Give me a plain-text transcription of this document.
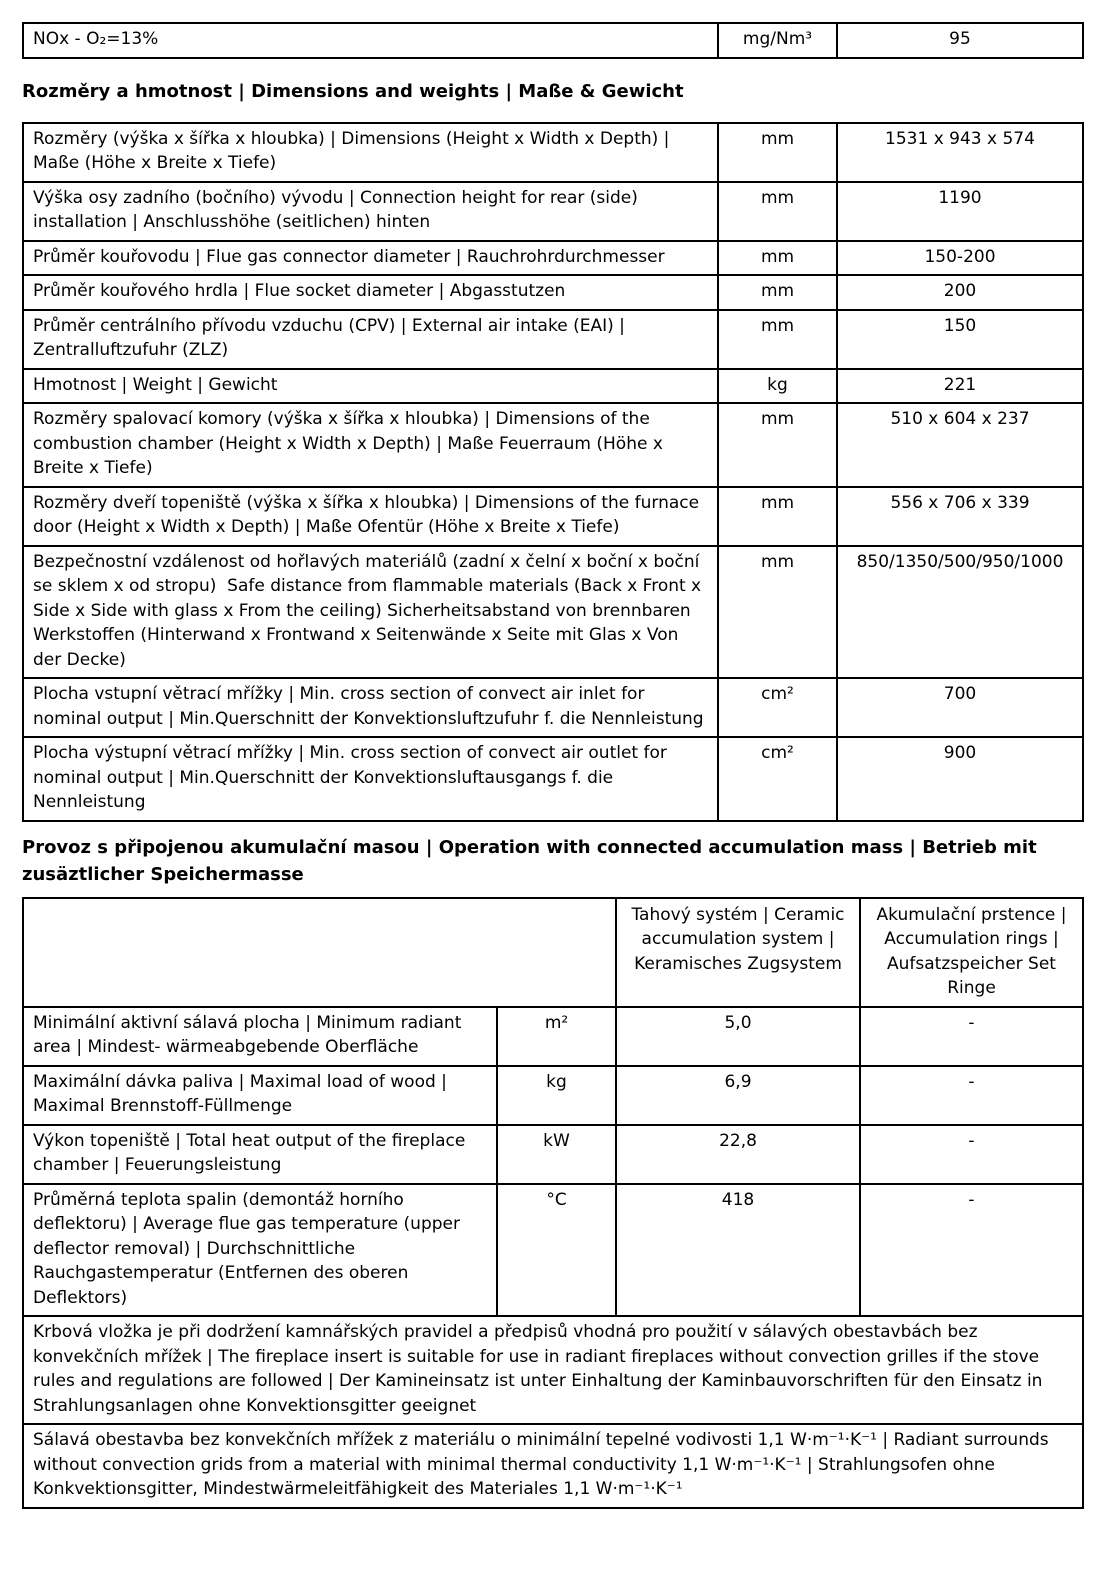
NOx - O₂=13%	mg/Nm³	95
Rozměry a hmotnost | Dimensions and weights | Maße & Gewicht
Rozměry (výška x šířka x hloubka) | Dimensions (Height x Width x Depth) | Maße (Höhe x Breite x Tiefe)	mm	1531 x 943 x 574
Výška osy zadního (bočního) vývodu | Connection height for rear (side) installation | Anschlusshöhe (seitlichen) hinten	mm	1190
Průměr kouřovodu | Flue gas connector diameter | Rauchrohrdurchmesser	mm	150-200
Průměr kouřového hrdla | Flue socket diameter | Abgasstutzen	mm	200
Průměr centrálního přívodu vzduchu (CPV) | External air intake (EAI) | Zentralluftzufuhr (ZLZ)	mm	150
Hmotnost | Weight | Gewicht	kg	221
Rozměry spalovací komory (výška x šířka x hloubka) | Dimensions of the combustion chamber (Height x Width x Depth) | Maße Feuerraum (Höhe x Breite x Tiefe)	mm	510 x 604 x 237
Rozměry dveří topeniště (výška x šířka x hloubka) | Dimensions of the furnace door (Height x Width x Depth) | Maße Ofentür (Höhe x Breite x Tiefe)	mm	556 x 706 x 339
Bezpečnostní vzdálenost od hořlavých materiálů (zadní x čelní x boční x boční se sklem x od stropu)  Safe distance from flammable materials (Back x Front x Side x Side with glass x From the ceiling) Sicherheitsabstand von brennbaren Werkstoffen (Hinterwand x Frontwand x Seitenwände x Seite mit Glas x Von der Decke)	mm	850/1350/500/950/1000
Plocha vstupní větrací mřížky | Min. cross section of convect air inlet for nominal output | Min.Querschnitt der Konvektionsluftzufuhr f. die Nennleistung	cm²	700
Plocha výstupní větrací mřížky | Min. cross section of convect air outlet for nominal output | Min.Querschnitt der Konvektionsluftausgangs f. die Nennleistung	cm²	900
Provoz s připojenou akumulační masou | Operation with connected accumulation mass | Betrieb mit zusäztlicher Speichermasse
		Tahový systém | Ceramic accumulation system | Keramisches Zugsystem	Akumulační prstence | Accumulation rings | Aufsatzspeicher Set Ringe
Minimální aktivní sálavá plocha | Minimum radiant area | Mindest- wärmeabgebende Oberfläche	m²	5,0	-
Maximální dávka paliva | Maximal load of wood | Maximal Brennstoff-Füllmenge	kg	6,9	-
Výkon topeniště | Total heat output of the fireplace chamber | Feuerungsleistung	kW	22,8	-
Průměrná teplota spalin (demontáž horního deflektoru) | Average flue gas temperature (upper deflector removal) | Durchschnittliche Rauchgastemperatur (Entfernen des oberen Deflektors)	°C	418	-
Krbová vložka je při dodržení kamnářských pravidel a předpisů vhodná pro použití v sálavých obestavbách bez konvekčních mřížek | The fireplace insert is suitable for use in radiant fireplaces without convection grilles if the stove rules and regulations are followed | Der Kamineinsatz ist unter Einhaltung der Kaminbauvorschriften für den Einsatz in Strahlungsanlagen ohne Konvektionsgitter geeignet			
Sálavá obestavba bez konvekčních mřížek z materiálu o minimální tepelné vodivosti 1,1 W·m⁻¹·K⁻¹ | Radiant surrounds without convection grids from a material with minimal thermal conductivity 1,1 W·m⁻¹·K⁻¹ | Strahlungsofen ohne Konkvektionsgitter, Mindestwärmeleitfähigkeit des Materiales 1,1 W·m⁻¹·K⁻¹			
